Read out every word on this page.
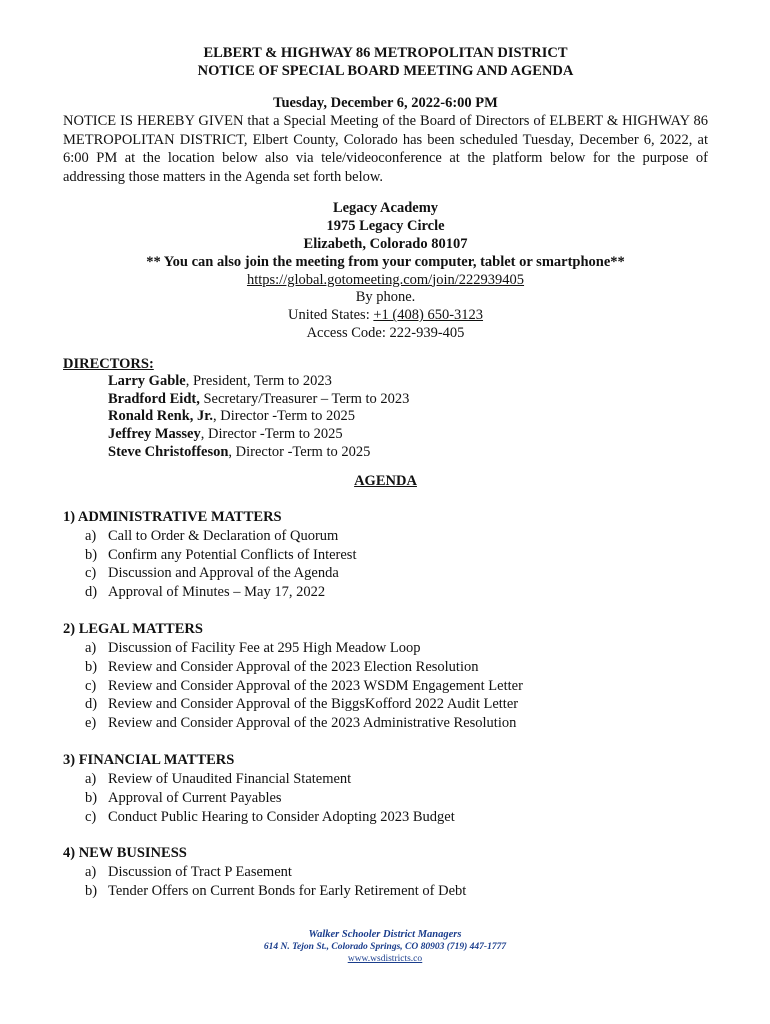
ELBERT & HIGHWAY 86 METROPOLITAN DISTRICT
NOTICE OF SPECIAL BOARD MEETING AND AGENDA
Tuesday, December 6, 2022-6:00 PM
NOTICE IS HEREBY GIVEN that a Special Meeting of the Board of Directors of ELBERT & HIGHWAY 86 METROPOLITAN DISTRICT, Elbert County, Colorado has been scheduled Tuesday, December 6, 2022, at 6:00 PM at the location below also via tele/videoconference at the platform below for the purpose of addressing those matters in the Agenda set forth below.
Legacy Academy
1975 Legacy Circle
Elizabeth, Colorado 80107
** You can also join the meeting from your computer, tablet or smartphone**
https://global.gotomeeting.com/join/222939405
By phone.
United States: +1 (408) 650-3123
Access Code: 222-939-405
DIRECTORS:
Larry Gable, President, Term to 2023
Bradford Eidt, Secretary/Treasurer – Term to 2023
Ronald Renk, Jr., Director -Term to 2025
Jeffrey Massey, Director -Term to 2025
Steve Christoffeson, Director -Term to 2025
AGENDA
1) ADMINISTRATIVE MATTERS
a) Call to Order & Declaration of Quorum
b) Confirm any Potential Conflicts of Interest
c) Discussion and Approval of the Agenda
d) Approval of Minutes – May 17, 2022
2) LEGAL MATTERS
a) Discussion of Facility Fee at 295 High Meadow Loop
b) Review and Consider Approval of the 2023 Election Resolution
c) Review and Consider Approval of the 2023 WSDM Engagement Letter
d) Review and Consider Approval of the BiggsKofford 2022 Audit Letter
e) Review and Consider Approval of the 2023 Administrative Resolution
3) FINANCIAL MATTERS
a) Review of Unaudited Financial Statement
b) Approval of Current Payables
c) Conduct Public Hearing to Consider Adopting 2023 Budget
4) NEW BUSINESS
a) Discussion of Tract P Easement
b) Tender Offers on Current Bonds for Early Retirement of Debt
Walker Schooler District Managers
614 N. Tejon St., Colorado Springs, CO 80903 (719) 447-1777
www.wsdistricts.co
